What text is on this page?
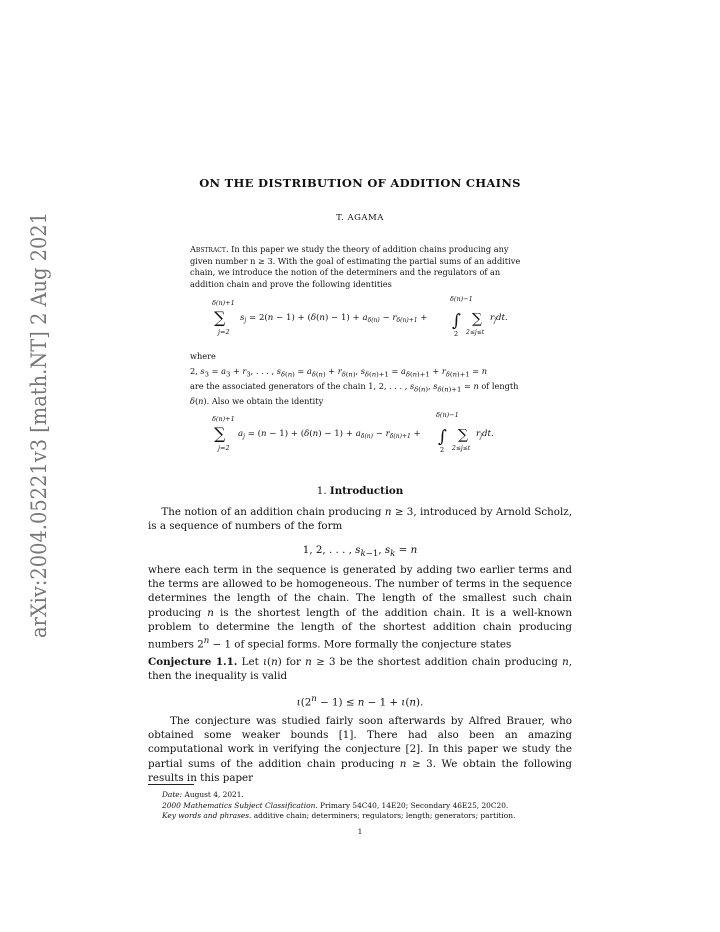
arXiv:2004.05221v3 [math.NT] 2 Aug 2021	ON THE DISTRIBUTION OF ADDITION CHAINS
T. AGAMA
Abstract. In this paper we study the theory of addition chains producing any given number n ≥ 3. With the goal of estimating the partial sums of an additive chain, we introduce the notion of the determiners and the regulators of an addition chain and prove the following identities
δ(n)+1
∑
j=2
$s_j = 2(n - 1) + (\delta(n) - 1) + a_{\delta(n)} - r_{\delta(n)+1}$ +
δ(n)−1
∫
2
∑
2≤j≤t
$r_jdt$.
where
2, $s_3 = a_3 + r_3$, . . . , $s_{\delta(n)} = a_{\delta(n)} + r_{\delta(n)}$, $s_{\delta(n)+1} = a_{\delta(n)+1} + r_{\delta(n)+1} = n$
are the associated generators of the chain 1, 2, . . . , $s_{\delta(n)}$, $s_{\delta(n)+1} = n$ of length δ(n). Also we obtain the identity
δ(n)+1
∑
j=2
$a_j = (n - 1) + (\delta(n) - 1) + a_{\delta(n)} - r_{\delta(n)+1}$ +
δ(n)−1
∫
2
∑
2≤j≤t
$r_jdt$.
1. Introduction
The notion of an addition chain producing n ≥ 3, introduced by Arnold Scholz, is a sequence of numbers of the form
1, 2, . . . , $s_{k-1}$, $s_k = n$
where each term in the sequence is generated by adding two earlier terms and the terms are allowed to be homogeneous. The number of terms in the sequence determines the length of the chain. The length of the smallest such chain producing n is the shortest length of the addition chain. It is a well-known problem to determine the length of the shortest addition chain producing numbers $2^n - 1$ of special forms. More formally the conjecture states
Conjecture 1.1. Let ι(n) for n ≥ 3 be the shortest addition chain producing n, then the inequality is valid
$\iota(2^n - 1) \le n - 1 + \iota(n)$.
The conjecture was studied fairly soon afterwards by Alfred Brauer, who obtained some weaker bounds [1]. There had also been an amazing computational work in verifying the conjecture [2]. In this paper we study the partial sums of the addition chain producing n ≥ 3. We obtain the following results in this paper
Date: August 4, 2021.
2000 Mathematics Subject Classification. Primary 54C40, 14E20; Secondary 46E25, 20C20.
Key words and phrases. additive chain; determiners; regulators; length; generators; partition.
1
